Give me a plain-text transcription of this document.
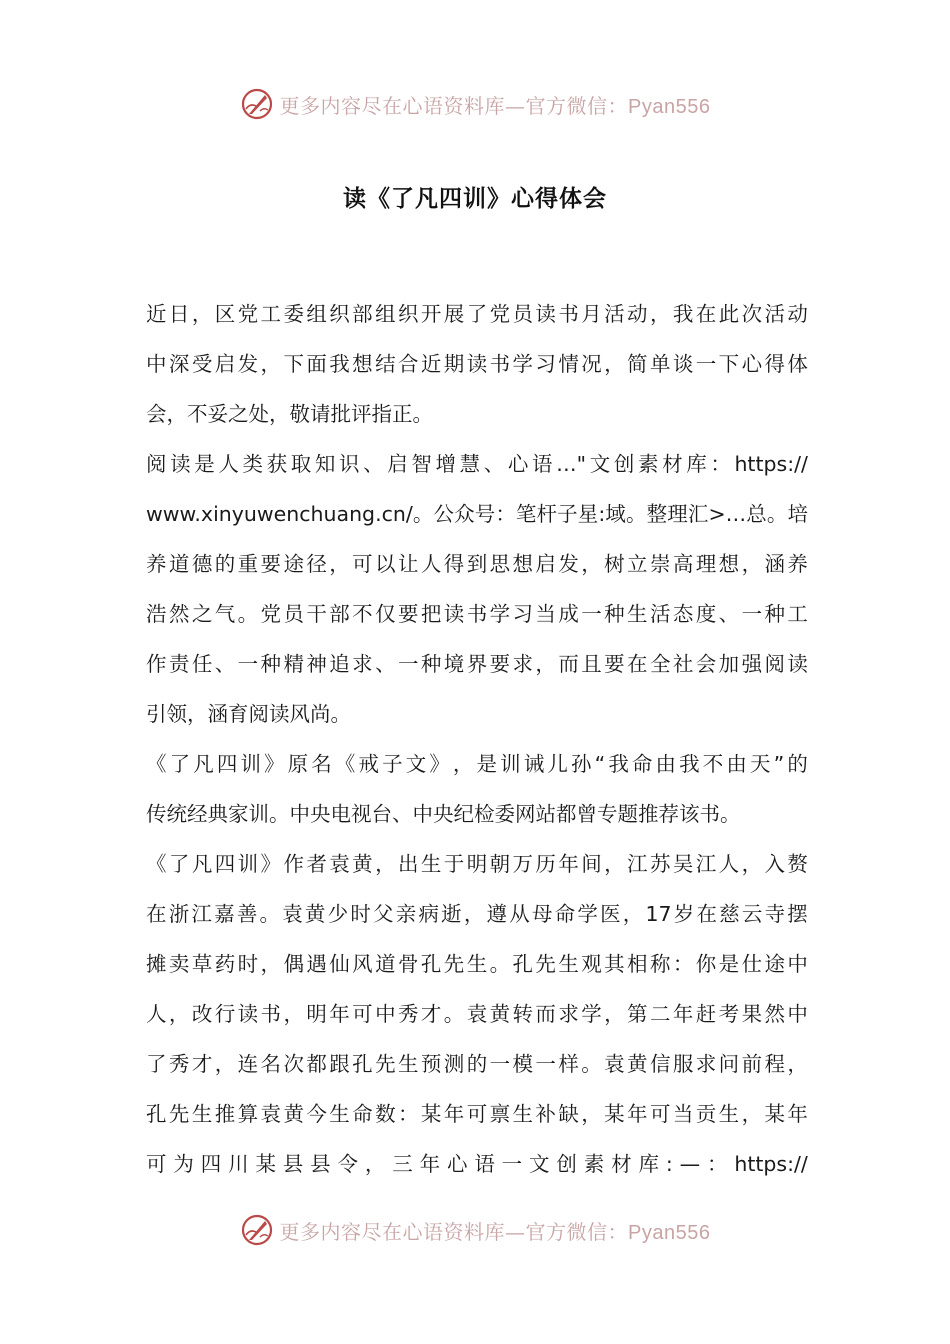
更多内容尽在心语资料库—官方微信：Pyan556
读《了凡四训》心得体会
近 日 ， 区 党 工 委 组 织 部 组 织 开 展 了 党 员 读 书 月 活 动 ， 我 在 此 次 活 动
中 深 受 启 发 ， 下 面 我 想 结 合 近 期 读 书 学 习 情 况 ， 简 单 谈 一 下 心 得 体
会，不妥之处，敬请批评指正。
阅 读 是 人 类 获 取 知 识 、 启 智 增 慧 、 心 语 …" 文 创 素 材 库 ： https://
www.xinyuwenchuang.cn/ 。 公 众 号 ： 笔 杆 子 星 : 域 。 整 理 汇 >… 总 。 培
养 道 德 的 重 要 途 径 ， 可 以 让 人 得 到 思 想 启 发 ， 树 立 崇 高 理 想 ， 涵 养
浩 然 之 气 。 党 员 干 部 不 仅 要 把 读 书 学 习 当 成 一 种 生 活 态 度 、 一 种 工
作 责 任 、 一 种 精 神 追 求 、 一 种 境 界 要 求 ， 而 且 要 在 全 社 会 加 强 阅 读
引领，涵育阅读风尚。
《 了 凡 四 训 》 原 名 《 戒 子 文 》 ， 是 训 诫 儿 孙 “ 我 命 由 我 不 由 天 ” 的
传统经典家训。中央电视台、中央纪检委网站都曾专题推荐该书。
《 了 凡 四 训 》 作 者 袁 黄 ， 出 生 于 明 朝 万 历 年 间 ， 江 苏 吴 江 人 ， 入 赘
在 浙 江 嘉 善 。 袁 黄 少 时 父 亲 病 逝 ， 遵 从 母 命 学 医 ， 17 岁 在 慈 云 寺 摆
摊 卖 草 药 时 ， 偶 遇 仙 风 道 骨 孔 先 生 。 孔 先 生 观 其 相 称 ： 你 是 仕 途 中
人 ， 改 行 读 书 ， 明 年 可 中 秀 才 。 袁 黄 转 而 求 学 ， 第 二 年 赶 考 果 然 中
了 秀 才 ， 连 名 次 都 跟 孔 先 生 预 测 的 一 模 一 样 。 袁 黄 信 服 求 问 前 程 ，
孔 先 生 推 算 袁 黄 今 生 命 数 ： 某 年 可 禀 生 补 缺 ， 某 年 可 当 贡 生 ， 某 年
可 为 四 川 某 县 县 令 ， 三 年 心 语 一 文 创 素 材 库 : — ： https://
更多内容尽在心语资料库—官方微信：Pyan556
